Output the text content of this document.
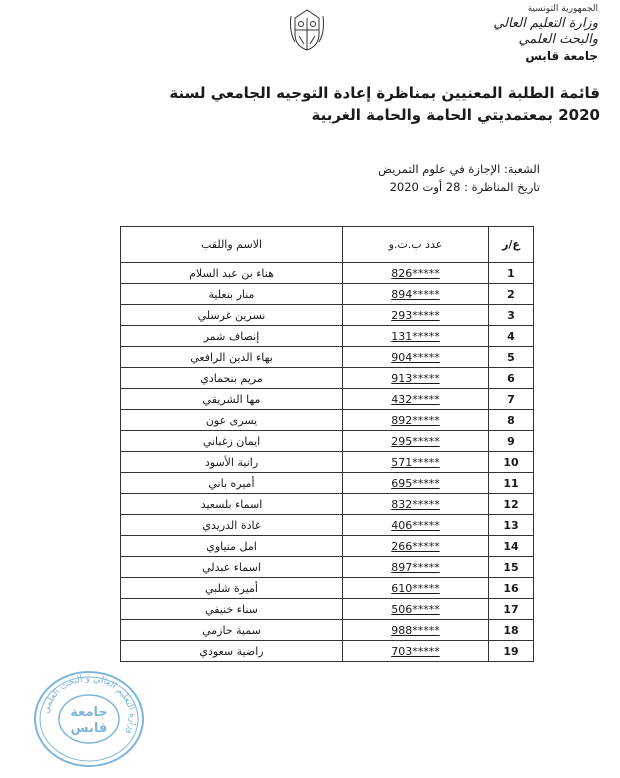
الجمهورية التونسية
وزارة التعليم العالي
والبحث العلمي
جامعة قابس
قائمة الطلبة المعنيين بمناظرة إعادة التوجيه الجامعي لسنة
2020 بمعتمديتي الحامة والحامة الغربية
الشعبة: الإجازة في علوم التمريض
تاريخ المناظرة : 28 أوت 2020
ع/ر	عدد ب.ت.و	الاسم واللقب
1	826*****	هناء بن عبد السلام
2	894*****	منار بنعلية
3	293*****	نسرين غرسلي
4	131*****	إنصاف شمر
5	904*****	بهاء الدين الرافعي
6	913*****	مريم بنحمادي
7	432*****	مها الشريقي
8	892*****	يسرى عون
9	295*****	ايمان زغباني
10	571*****	رانية الأسود
11	695*****	أميره باني
12	832*****	اسماء بلسعيد
13	406*****	غادة الدريدي
14	266*****	امل منياوي
15	897*****	اسماء عبدلي
16	610*****	أميرة شلبي
17	506*****	سناء خنيفي
18	988*****	سمية حازمي
19	703*****	راضية سعودي
وزارة التعليم العالي و البحث العلمي
جامعة
قابس
